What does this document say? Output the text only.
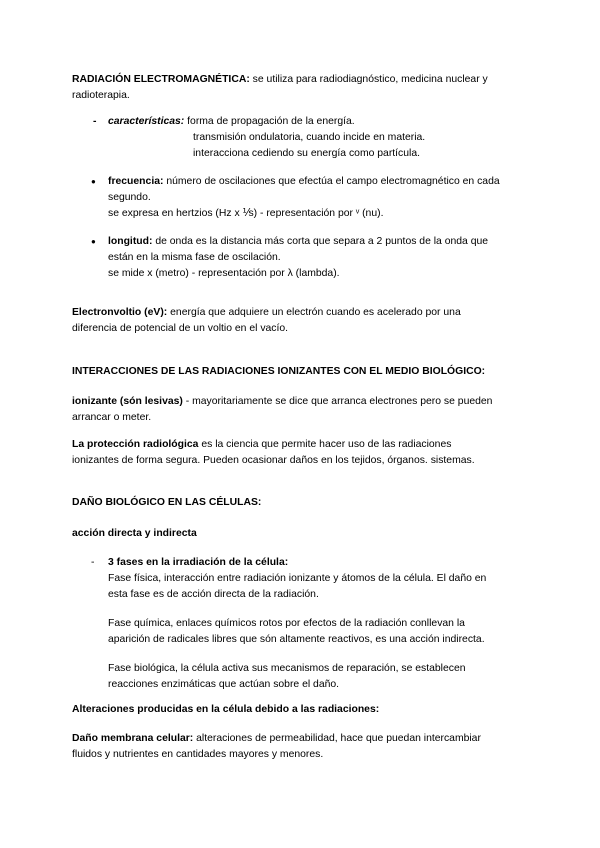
RADIACIÓN ELECTROMAGNÉTICA: se utiliza para radiodiagnóstico, medicina nuclear y
radioterapia.
- características: forma de propagación de la energía.
transmisión ondulatoria, cuando incide en materia.
interacciona cediendo su energía como partícula.
● frecuencia: número de oscilaciones que efectúa el campo electromagnético en cada
segundo.
se expresa en hertzios (Hz x ⅟s) - representación por ᵛ (nu).
● longitud: de onda es la distancia más corta que separa a 2 puntos de la onda que
están en la misma fase de oscilación.
se mide x (metro) - representación por λ (lambda).
Electronvoltio (eV): energía que adquiere un electrón cuando es acelerado por una
diferencia de potencial de un voltio en el vacío.
INTERACCIONES DE LAS RADIACIONES IONIZANTES CON EL MEDIO BIOLÓGICO:
ionizante (són lesivas) - mayoritariamente se dice que arranca electrones pero se pueden
arrancar o meter.
La protección radiológica es la ciencia que permite hacer uso de las radiaciones
ionizantes de forma segura. Pueden ocasionar daños en los tejidos, órganos. sistemas.
DAÑO BIOLÓGICO EN LAS CÉLULAS:
acción directa y indirecta
- 3 fases en la irradiación de la célula:
Fase física, interacción entre radiación ionizante y átomos de la célula. El daño en
esta fase es de acción directa de la radiación.
Fase química, enlaces químicos rotos por efectos de la radiación conllevan la
aparición de radicales libres que són altamente reactivos, es una acción indirecta.
Fase biológica, la célula activa sus mecanismos de reparación, se establecen
reacciones enzimáticas que actúan sobre el daño.
Alteraciones producidas en la célula debido a las radiaciones:
Daño membrana celular: alteraciones de permeabilidad, hace que puedan intercambiar
fluidos y nutrientes en cantidades mayores y menores.
